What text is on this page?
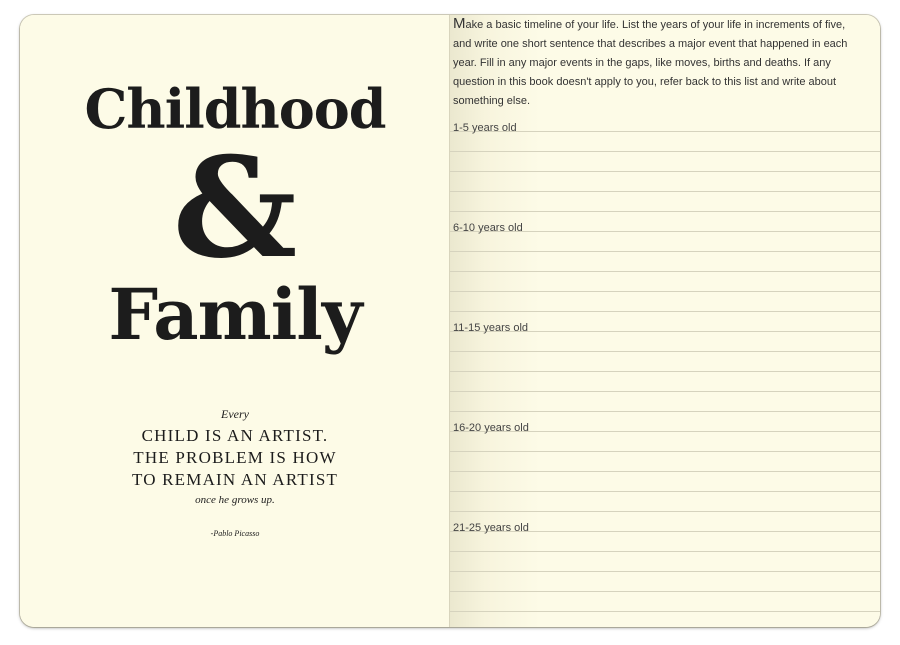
Childhood
&
Family
Every
CHILD IS AN ARTIST.
THE PROBLEM IS HOW
TO REMAIN AN ARTIST
once he grows up.
-Pablo Picasso
Make a basic timeline of your life. List the years of your life in increments of five, and write one short sentence that describes a major event that happened in each year. Fill in any major events in the gaps, like moves, births and deaths. If any question in this book doesn't apply to you, refer back to this list and write about something else.
1-5 years old
6-10 years old
11-15 years old
16-20 years old
21-25 years old
